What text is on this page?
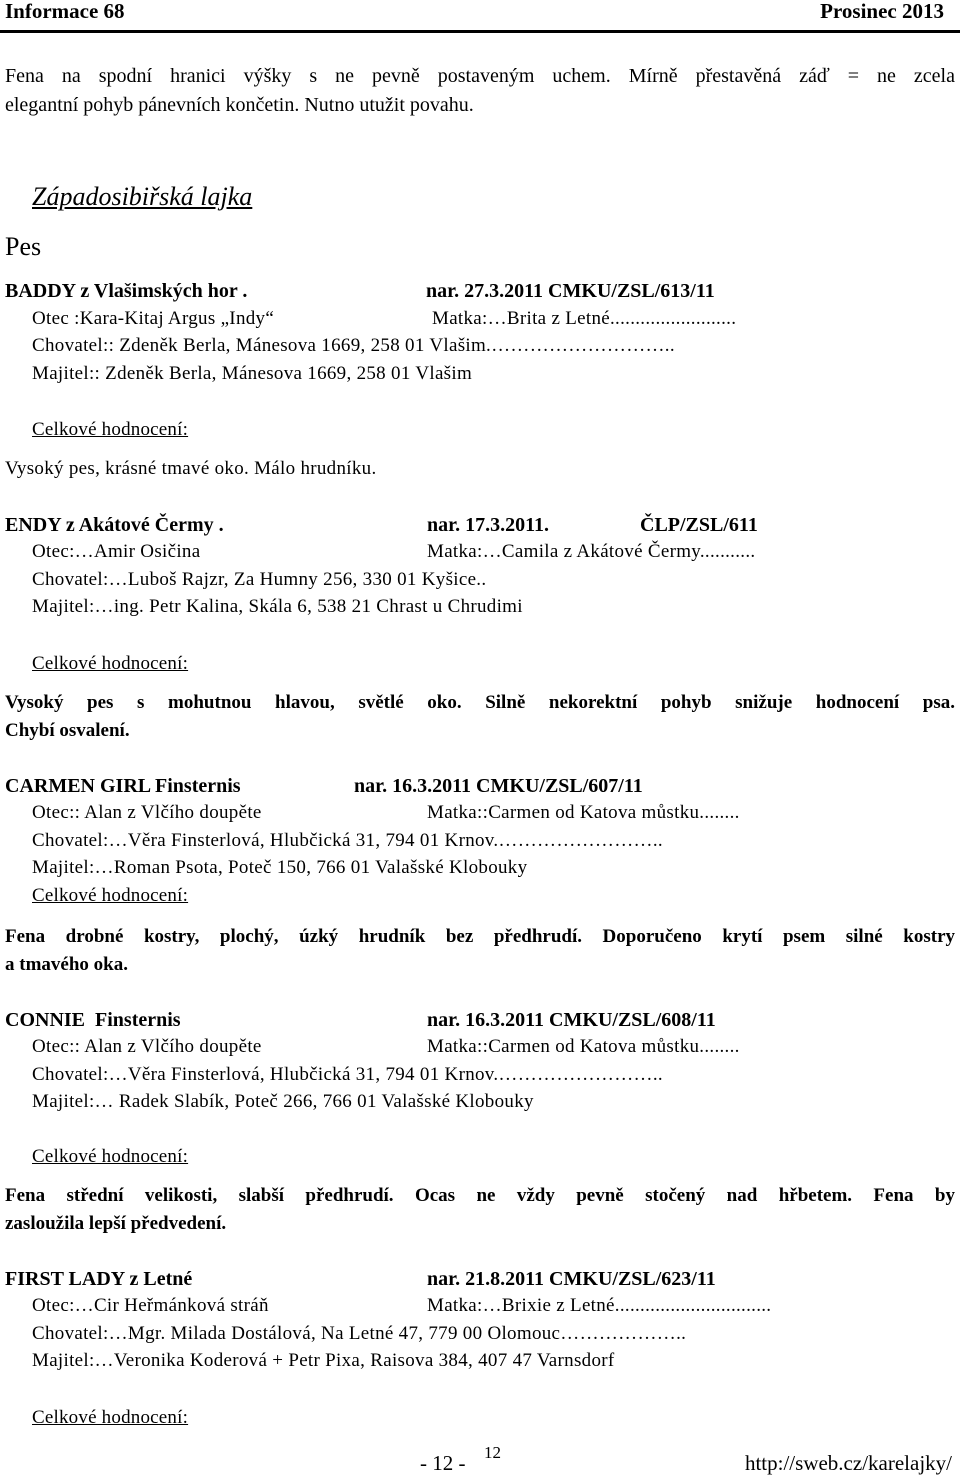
Informace 68	Prosinec 2013
Fena na spodní hranici výšky s ne pevně postaveným uchem. Mírně přestavěná záď = ne zcela
elegantní pohyb pánevních končetin. Nutno utužit povahu.
Západosibiřská lajka
Pes
BADDY z Vlašimských hor .	nar. 27.3.2011 CMKU/ZSL/613/11
Otec :Kara-Kitaj Argus „Indy“	Matka:…Brita z Letné.........................
Chovatel:: Zdeněk Berla, Mánesova 1669, 258 01 Vlašim.………………………..
Majitel:: Zdeněk Berla, Mánesova 1669, 258 01 Vlašim
Celkové hodnocení:
Vysoký pes, krásné tmavé oko. Málo hrudníku.
ENDY z Akátové Čermy .	nar. 17.3.2011.	ČLP/ZSL/611
Otec:…Amir Osičina	Matka:…Camila z Akátové Čermy...........
Chovatel:…Luboš Rajzr, Za Humny 256, 330 01 Kyšice..
Majitel:…ing. Petr Kalina, Skála 6, 538 21 Chrast u Chrudimi
Celkové hodnocení:
Vysoký pes s mohutnou hlavou, světlé oko. Silně nekorektní pohyb snižuje hodnocení psa.
Chybí osvalení.
CARMEN GIRL Finsternis	nar. 16.3.2011 CMKU/ZSL/607/11
Otec:: Alan z Vlčího doupěte	Matka::Carmen od Katova můstku........
Chovatel:…Věra Finsterlová, Hlubčická 31, 794 01 Krnov.……………………..
Majitel:…Roman Psota, Poteč 150, 766 01 Valašské Klobouky
Celkové hodnocení:
Fena drobné kostry, plochý, úzký hrudník bez předhrudí. Doporučeno krytí psem silné kostry
a tmavého oka.
CONNIE  Finsternis	nar. 16.3.2011 CMKU/ZSL/608/11
Otec:: Alan z Vlčího doupěte	Matka::Carmen od Katova můstku........
Chovatel:…Věra Finsterlová, Hlubčická 31, 794 01 Krnov.……………………..
Majitel:… Radek Slabík, Poteč 266, 766 01 Valašské Klobouky
Celkové hodnocení:
Fena střední velikosti, slabší předhrudí. Ocas ne vždy pevně stočený nad hřbetem. Fena by
zasloužila lepší předvedení.
FIRST LADY z Letné	nar. 21.8.2011 CMKU/ZSL/623/11
Otec:…Cir Heřmánková stráň	Matka:…Brixie z Letné...............................
Chovatel:…Mgr. Milada Dostálová, Na Letné 47, 779 00 Olomouc………………..
Majitel:…Veronika Koderová + Petr Pixa, Raisova 384, 407 47 Varnsdorf
Celkové hodnocení:
- 12 - 12	http://sweb.cz/karelajky/
